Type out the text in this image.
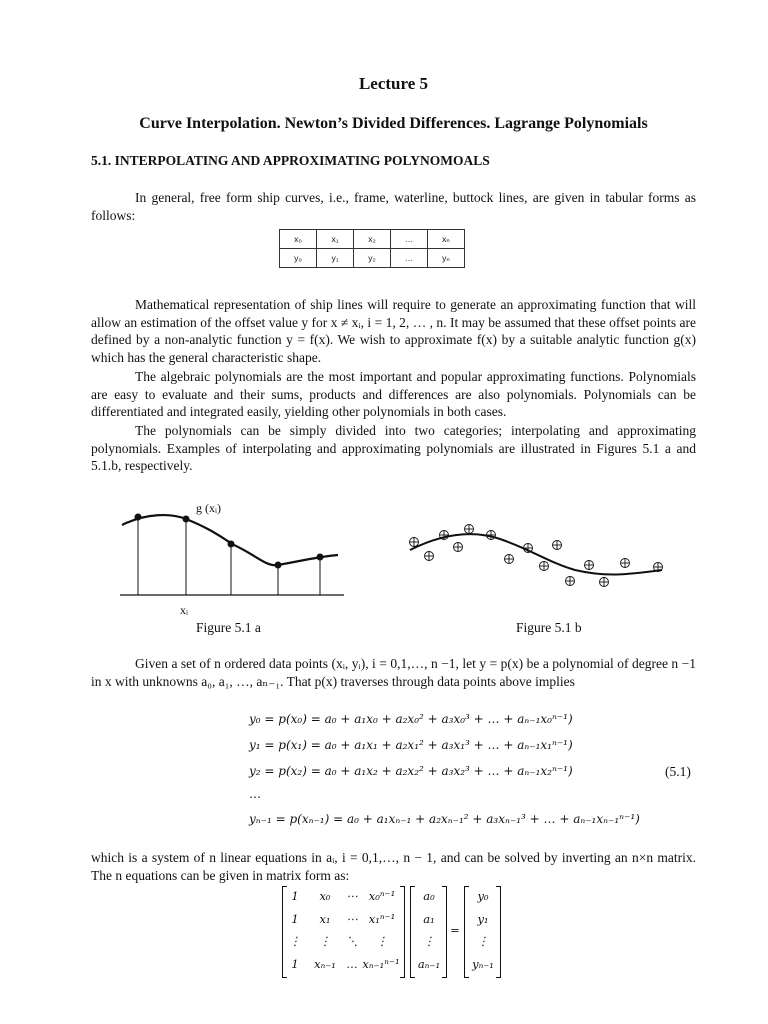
Lecture 5
Curve Interpolation. Newton’s Divided Differences. Lagrange Polynomials
5.1. INTERPOLATING AND APPROXIMATING POLYNOMOALS
In general, free form ship curves, i.e., frame, waterline, buttock lines, are given in tabular forms as follows:
x₀	x₁	x₂	…	xₙ
y₀	y₁	y₂	…	yₙ
Mathematical representation of ship lines will require to generate an approximating function that will allow an estimation of the offset value y for x ≠ xᵢ, i = 1, 2, … , n. It may be assumed that these offset points are defined by a non-analytic function y = f(x). We wish to approximate f(x) by a suitable analytic function g(x) which has the general characteristic shape.
The algebraic polynomials are the most important and popular approximating functions. Polynomials are easy to evaluate and their sums, products and differences are also polynomials. Polynomials can be differentiated and integrated easily, yielding other polynomials in both cases.
The polynomials can be simply divided into two categories; interpolating and approximating polynomials. Examples of interpolating and approximating polynomials are illustrated in Figures 5.1 a and 5.1.b, respectively.
Given a set of n ordered data points (xᵢ, yᵢ), i = 0,1,…, n −1, let y = p(x) be a polynomial of degree n −1 in x with unknowns a₀, a₁, …, aₙ₋₁. That p(x) traverses through data points above implies
which is a system of n linear equations in aᵢ, i = 0,1,…, n − 1, and can be solved by inverting an n×n matrix. The n equations can be given in matrix form as:
g (xᵢ)
xᵢ
Figure 5.1 a	Figure 5.1 b
y₀ = p(x₀) = a₀ + a₁x₀ + a₂x₀² + a₃x₀³ + … + aₙ₋₁x₀ⁿ⁻¹)
y₁ = p(x₁) = a₀ + a₁x₁ + a₂x₁² + a₃x₁³ + … + aₙ₋₁x₁ⁿ⁻¹)
y₂ = p(x₂) = a₀ + a₁x₂ + a₂x₂² + a₃x₂³ + … + aₙ₋₁x₂ⁿ⁻¹)
…
yₙ₋₁ = p(xₙ₋₁) = a₀ + a₁xₙ₋₁ + a₂xₙ₋₁² + a₃xₙ₋₁³ + … + aₙ₋₁xₙ₋₁ⁿ⁻¹)
(5.1)
1	x₀	⋯ x₀ⁿ⁻¹
1	x₁	⋯ x₁ⁿ⁻¹
⋮	⋮	⋱	⋮
1	xₙ₋₁ … xₙ₋₁ⁿ⁻¹
a₀
a₁
⋮
aₙ₋₁
=
y₀
y₁
⋮
yₙ₋₁
